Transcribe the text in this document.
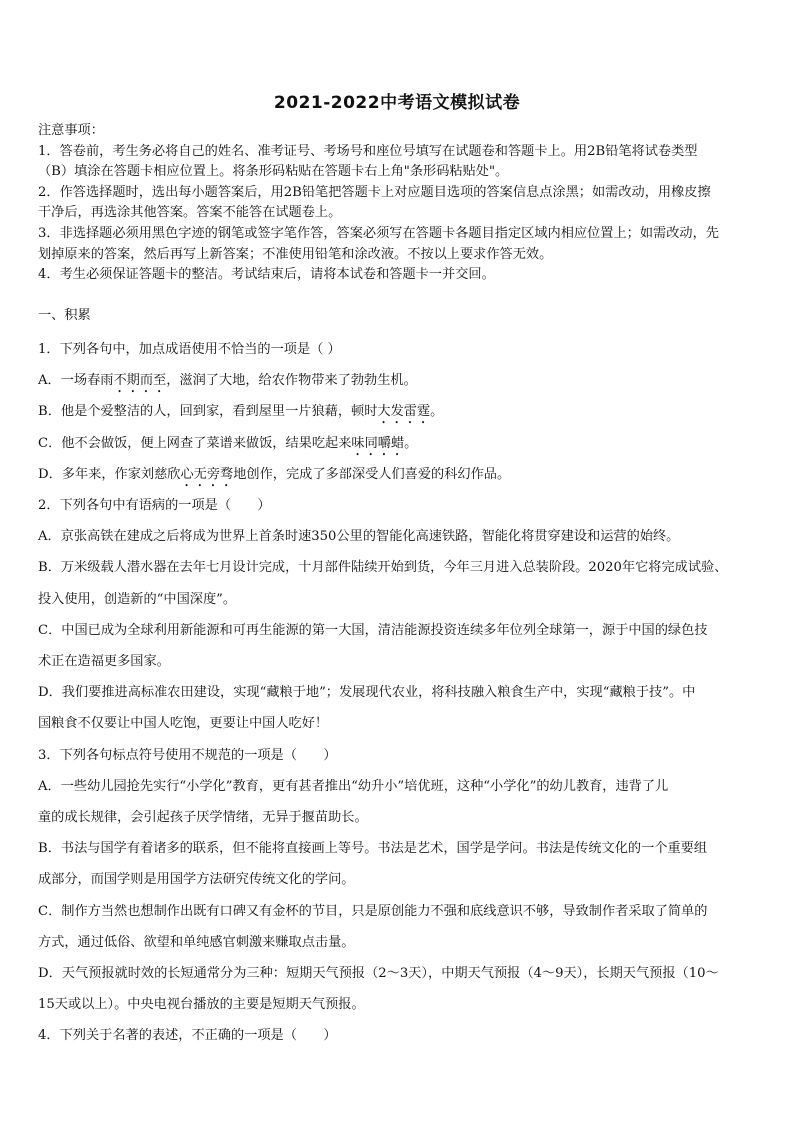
2021-2022中考语文模拟试卷
注意事项：
1．答卷前，考生务必将自己的姓名、准考证号、考场号和座位号填写在试题卷和答题卡上。用2B铅笔将试卷类型
（B）填涂在答题卡相应位置上。将条形码粘贴在答题卡右上角"条形码粘贴处"。
2．作答选择题时，选出每小题答案后，用2B铅笔把答题卡上对应题目选项的答案信息点涂黑；如需改动，用橡皮擦
干净后，再选涂其他答案。答案不能答在试题卷上。
3．非选择题必须用黑色字迹的钢笔或签字笔作答，答案必须写在答题卡各题目指定区域内相应位置上；如需改动，先
划掉原来的答案，然后再写上新答案；不准使用铅笔和涂改液。不按以上要求作答无效。
4．考生必须保证答题卡的整洁。考试结束后，请将本试卷和答题卡一并交回。
一、积累
1．下列各句中，加点成语使用不恰当的一项是（ ）
A．一场春雨不期而至，滋润了大地，给农作物带来了勃勃生机。
B．他是个爱整洁的人，回到家，看到屋里一片狼藉，顿时大发雷霆。
C．他不会做饭，便上网查了菜谱来做饭，结果吃起来味同嚼蜡。
D．多年来，作家刘慈欣心无旁骛地创作，完成了多部深受人们喜爱的科幻作品。
2．下列各句中有语病的一项是（　　）
A．京张高铁在建成之后将成为世界上首条时速350公里的智能化高速铁路，智能化将贯穿建设和运营的始终。
B．万米级载人潜水器在去年七月设计完成，十月部件陆续开始到货，今年三月进入总装阶段。2020年它将完成试验、
投入使用，创造新的“中国深度”。
C．中国已成为全球利用新能源和可再生能源的第一大国，清洁能源投资连续多年位列全球第一，源于中国的绿色技
术正在造福更多国家。
D．我们要推进高标准农田建设，实现“藏粮于地”；发展现代农业，将科技融入粮食生产中，实现“藏粮于技”。中
国粮食不仅要让中国人吃饱，更要让中国人吃好！
3．下列各句标点符号使用不规范的一项是（　　）
A．一些幼儿园抢先实行“小学化”教育，更有甚者推出“幼升小”培优班，这种“小学化”的幼儿教育，违背了儿
童的成长规律，会引起孩子厌学情绪，无异于揠苗助长。
B．书法与国学有着诸多的联系，但不能将直接画上等号。书法是艺术，国学是学问。书法是传统文化的一个重要组
成部分，而国学则是用国学方法研究传统文化的学问。
C．制作方当然也想制作出既有口碑又有金杯的节目，只是原创能力不强和底线意识不够，导致制作者采取了简单的
方式，通过低俗、欲望和单纯感官刺激来赚取点击量。
D．天气预报就时效的长短通常分为三种：短期天气预报（2～3天），中期天气预报（4～9天），长期天气预报（10～
15天或以上）。中央电视台播放的主要是短期天气预报。
4．下列关于名著的表述，不正确的一项是（　　）
